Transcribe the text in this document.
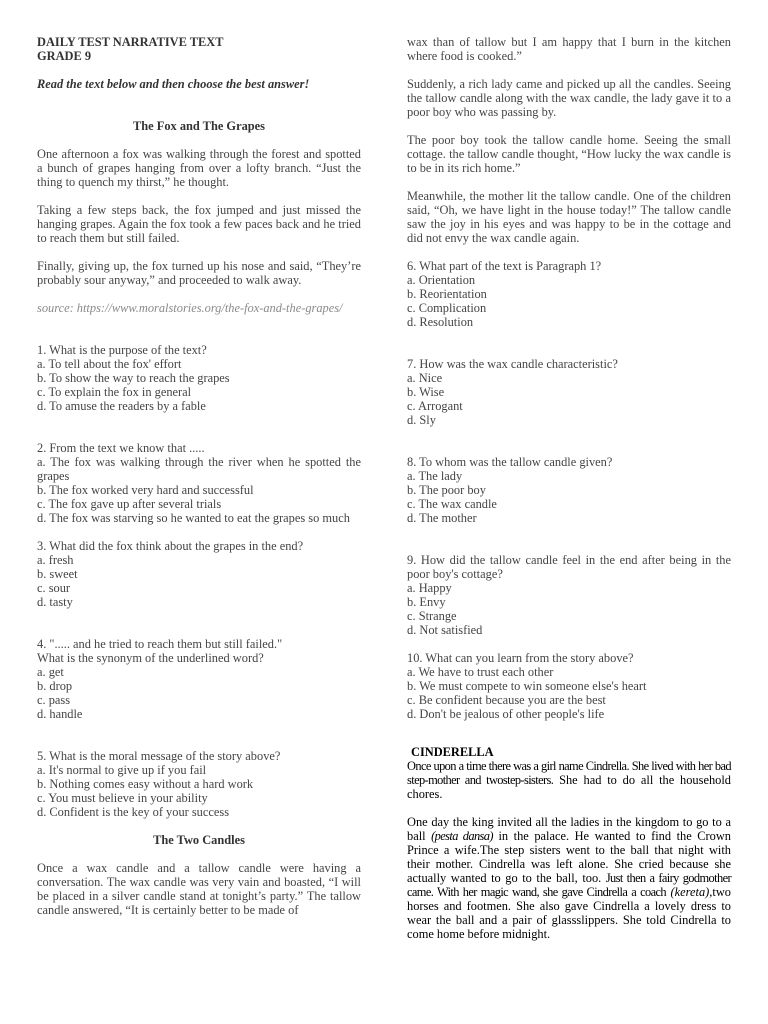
DAILY TEST NARRATIVE TEXT

GRADE 9

Read the text below and then choose the best answer!

The Fox and The Grapes

One afternoon a fox was walking through the forest and spotted a bunch of grapes hanging from over a lofty branch. “Just the thing to quench my thirst,” he thought.

Taking a few steps back, the fox jumped and just missed the hanging grapes. Again the fox took a few paces back and he tried to reach them but still failed.

Finally, giving up, the fox turned up his nose and said, “They’re probably sour anyway,” and proceeded to walk away.

source: https://www.moralstories.org/the-fox-and-the-grapes/

1. What is the purpose of the text?
a. To tell about the fox' effort
b. To show the way to reach the grapes
c. To explain the fox in general
d. To amuse the readers by a fable
2. From the text we know that .....
a. The fox was walking through the river when he spotted the grapes
b. The fox worked very hard and successful
c. The fox gave up after several trials
d. The fox was starving so he wanted to eat the grapes so much
3. What did the fox think about the grapes in the end?
a. fresh
b. sweet
c. sour
d. tasty
4. "..... and he tried to reach them but still failed."
What is the synonym of the underlined word?
a. get
b. drop
c. pass
d. handle
5. What is the moral message of the story above?
a. It's normal to give up if you fail
b. Nothing comes easy without a hard work
c. You must believe in your ability
d. Confident is the key of your success

The Two Candles

Once a wax candle and a tallow candle were having a conversation. The wax candle was very vain and boasted, “I will be placed in a silver candle stand at tonight’s party.” The tallow candle answered, “It is certainly better to be made of

wax than of tallow but I am happy that I burn in the kitchen where food is cooked.”

Suddenly, a rich lady came and picked up all the candles. Seeing the tallow candle along with the wax candle, the lady gave it to a poor boy who was passing by.

The poor boy took the tallow candle home. Seeing the small cottage. the tallow candle thought, “How lucky the wax candle is to be in its rich home.”

Meanwhile, the mother lit the tallow candle. One of the children said, “Oh, we have light in the house today!” The tallow candle saw the joy in his eyes and was happy to be in the cottage and did not envy the wax candle again.

6. What part of the text is Paragraph 1?
a. Orientation
b. Reorientation
c. Complication
d. Resolution
7. How was the wax candle characteristic?
a. Nice
b. Wise
c. Arrogant
d. Sly
8. To whom was the tallow candle given?
a. The lady
b. The poor boy
c. The wax candle
d. The mother
9. How did the tallow candle feel in the end after being in the poor boy's cottage?
a. Happy
b. Envy
c. Strange
d. Not satisfied
10. What can you learn from the story above?
a. We have to trust each other
b. We must compete to win someone else's heart
c. Be confident because you are the best
d. Don't be jealous of other people's life

CINDERELLA

Once upon a time there was a girl name Cindrella. She lived with her bad step-mother and twostep-sisters. She had to do all the household chores.

One day the king invited all the ladies in the kingdom to go to a ball (pesta dansa) in the palace. He wanted to find the Crown Prince a wife.The step sisters went to the ball that night with their mother. Cindrella was left alone. She cried because she actually wanted to go to the ball, too. Just then a fairy godmother came. With her magic wand, she gave Cindrella a coach (kereta),two horses and footmen. She also gave Cindrella a lovely dress to wear the ball and a pair of glassslippers. She told Cindrella to come home before midnight.
